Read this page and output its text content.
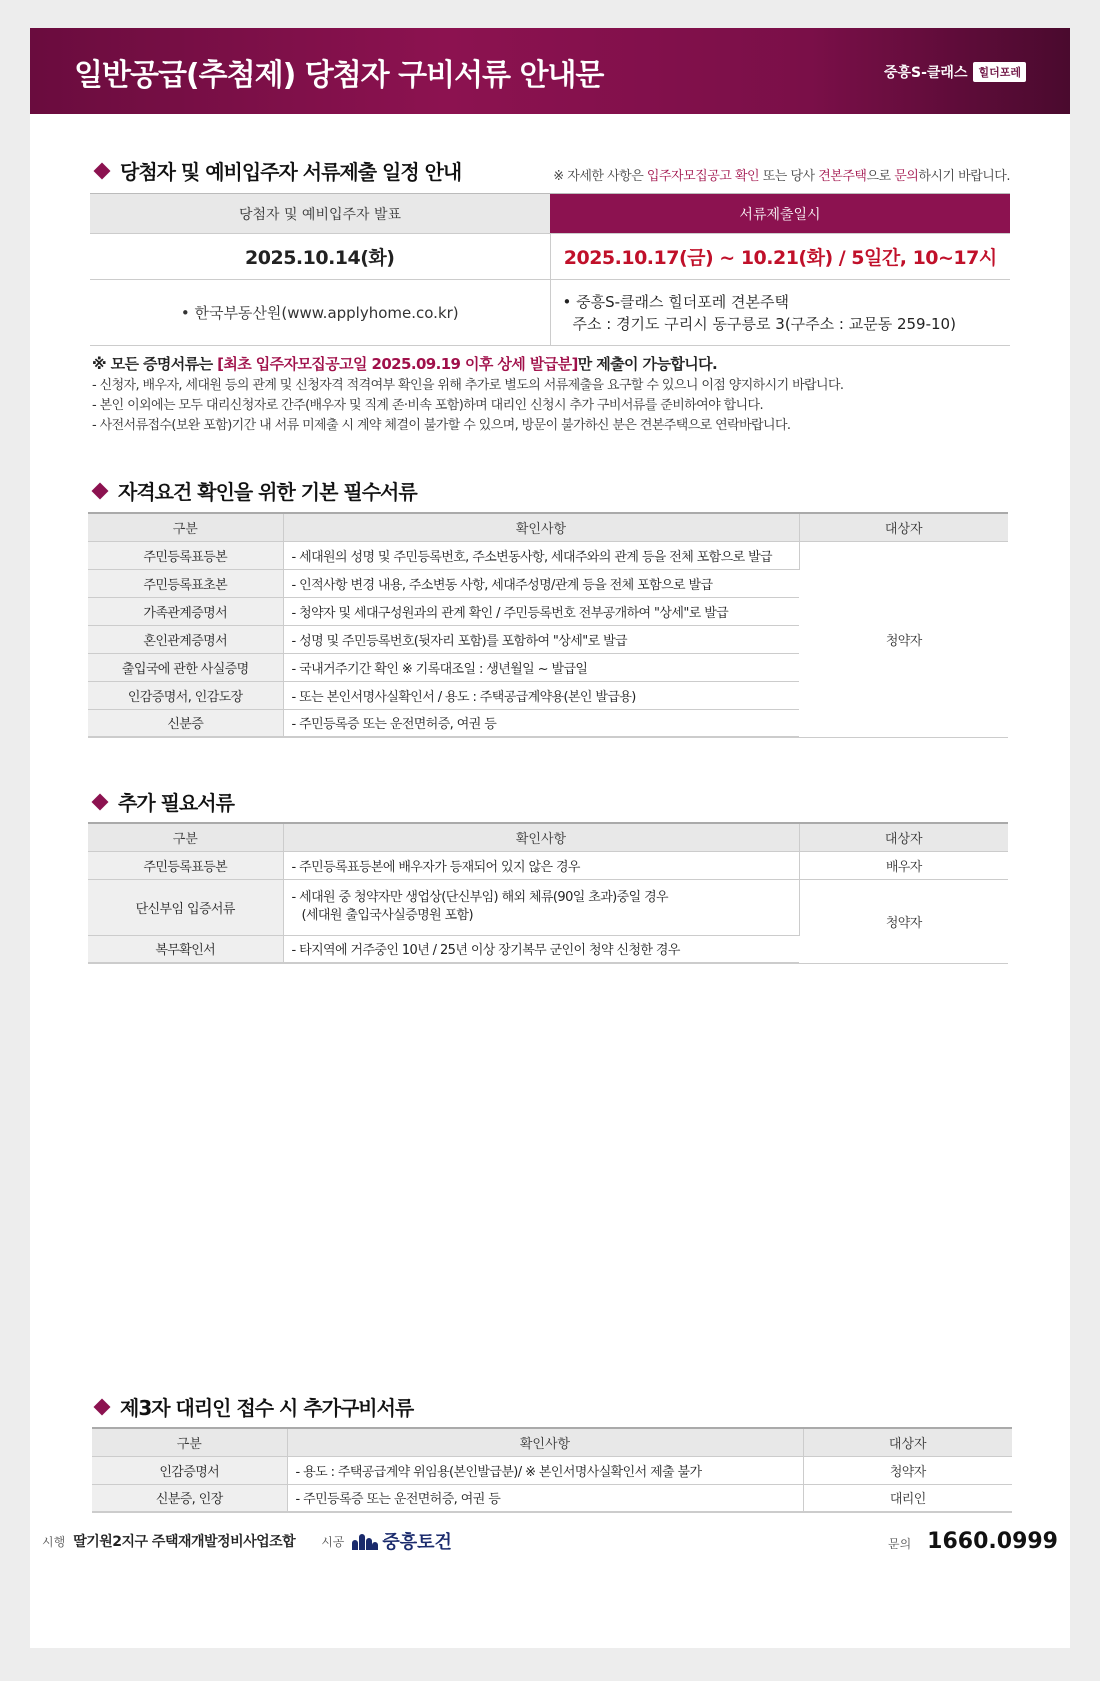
일반공급(추첨제) 당첨자 구비서류 안내문	중흥S-클래스	힐더포레
당첨자 및 예비입주자 서류제출 일정 안내	※ 자세한 사항은 입주자모집공고 확인 또는 당사 견본주택으로 문의하시기 바랍니다.
당첨자 및 예비입주자 발표	서류제출일시
2025.10.14(화)	2025.10.17(금) ~ 10.21(화) / 5일간, 10~17시
• 한국부동산원(www.applyhome.co.kr)	• 중흥S-클래스 힐더포레 견본주택
주소 : 경기도 구리시 동구릉로 3(구주소 : 교문동 259-10)
※ 모든 증명서류는 [최초 입주자모집공고일 2025.09.19 이후 상세 발급분]만 제출이 가능합니다.
- 신청자, 배우자, 세대원 등의 관계 및 신청자격 적격여부 확인을 위해 추가로 별도의 서류제출을 요구할 수 있으니 이점 양지하시기 바랍니다.
- 본인 이외에는 모두 대리신청자로 간주(배우자 및 직계 존·비속 포함)하며 대리인 신청시 추가 구비서류를 준비하여야 합니다.
- 사전서류접수(보완 포함)기간 내 서류 미제출 시 계약 체결이 불가할 수 있으며, 방문이 불가하신 분은 견본주택으로 연락바랍니다.
자격요건 확인을 위한 기본 필수서류
구분	확인사항	대상자
주민등록표등본	- 세대원의 성명 및 주민등록번호, 주소변동사항, 세대주와의 관계 등을 전체 포함으로 발급	청약자
주민등록표초본	- 인적사항 변경 내용, 주소변동 사항, 세대주성명/관계 등을 전체 포함으로 발급	
가족관계증명서	- 청약자 및 세대구성원과의 관계 확인 / 주민등록번호 전부공개하여 "상세"로 발급	
혼인관계증명서	- 성명 및 주민등록번호(뒷자리 포함)를 포함하여 "상세"로 발급	
출입국에 관한 사실증명	- 국내거주기간 확인 ※ 기록대조일 : 생년월일 ~ 발급일	
인감증명서, 인감도장	- 또는 본인서명사실확인서 / 용도 : 주택공급계약용(본인 발급용)	
신분증	- 주민등록증 또는 운전면허증, 여권 등	
추가 필요서류
구분	확인사항	대상자
주민등록표등본	- 주민등록표등본에 배우자가 등재되어 있지 않은 경우	배우자
단신부임 입증서류	- 세대원 중 청약자만 생업상(단신부임) 해외 체류(90일 초과)중일 경우
(세대원 출입국사실증명원 포함)	청약자
복무확인서	- 타지역에 거주중인 10년 / 25년 이상 장기복무 군인이 청약 신청한 경우	
제3자 대리인 접수 시 추가구비서류
구분	확인사항	대상자
인감증명서	- 용도 : 주택공급계약 위임용(본인발급분)/ ※ 본인서명사실확인서 제출 불가	청약자
신분증, 인장	- 주민등록증 또는 운전면허증, 여권 등	대리인
시행 딸기원2지구 주택재개발정비사업조합 시공 중흥토건	문의 1660.0999
